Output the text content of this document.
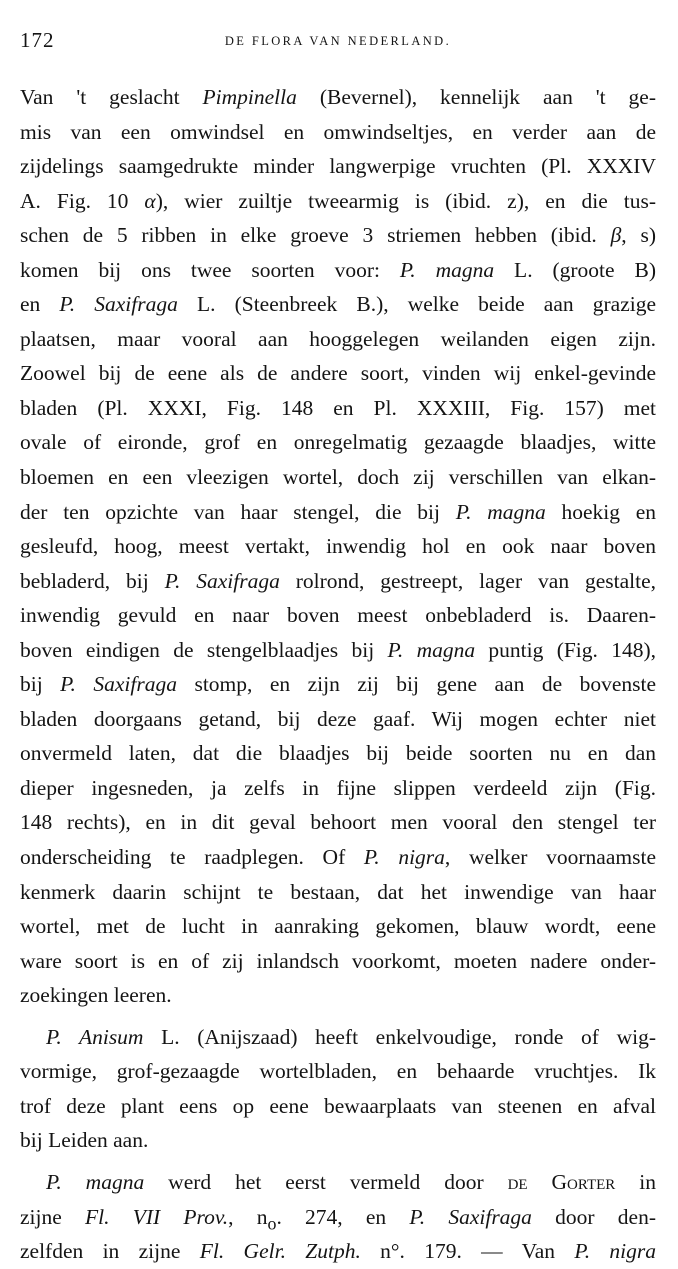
172	DE FLORA VAN NEDERLAND.
Van 't geslacht Pimpinella (Bevernel), kennelijk aan 't ge-
mis van een omwindsel en omwindseltjes, en verder aan de
zijdelings saamgedrukte minder langwerpige vruchten (Pl. XXXIV
A. Fig. 10 α), wier zuiltje tweearmig is (ibid. z), en die tus-
schen de 5 ribben in elke groeve 3 striemen hebben (ibid. β, s)
komen bij ons twee soorten voor: P. magna L. (groote B)
en P. Saxifraga L. (Steenbreek B.), welke beide aan grazige
plaatsen, maar vooral aan hooggelegen weilanden eigen zijn.
Zoowel bij de eene als de andere soort, vinden wij enkel-gevinde
bladen (Pl. XXXI, Fig. 148 en Pl. XXXIII, Fig. 157) met
ovale of eironde, grof en onregelmatig gezaagde blaadjes, witte
bloemen en een vleezigen wortel, doch zij verschillen van elkan-
der ten opzichte van haar stengel, die bij P. magna hoekig en
gesleufd, hoog, meest vertakt, inwendig hol en ook naar boven
bebladerd, bij P. Saxifraga rolrond, gestreept, lager van gestalte,
inwendig gevuld en naar boven meest onbebladerd is. Daaren-
boven eindigen de stengelblaadjes bij P. magna puntig (Fig. 148),
bij P. Saxifraga stomp, en zijn zij bij gene aan de bovenste
bladen doorgaans getand, bij deze gaaf. Wij mogen echter niet
onvermeld laten, dat die blaadjes bij beide soorten nu en dan
dieper ingesneden, ja zelfs in fijne slippen verdeeld zijn (Fig.
148 rechts), en in dit geval behoort men vooral den stengel ter
onderscheiding te raadplegen. Of P. nigra, welker voornaamste
kenmerk daarin schijnt te bestaan, dat het inwendige van haar
wortel, met de lucht in aanraking gekomen, blauw wordt, eene
ware soort is en of zij inlandsch voorkomt, moeten nadere onder-
zoekingen leeren.
P. Anisum L. (Anijszaad) heeft enkelvoudige, ronde of wig-
vormige, grof-gezaagde wortelbladen, en behaarde vruchtjes. Ik
trof deze plant eens op eene bewaarplaats van steenen en afval
bij Leiden aan.
P. magna werd het eerst vermeld door de Gorter in
zijne Fl. VII Prov., $n_o$. 274, en P. Saxifraga door den-
zelfden in zijne Fl. Gelr. Zutph. n°. 179. — Van P. nigra
